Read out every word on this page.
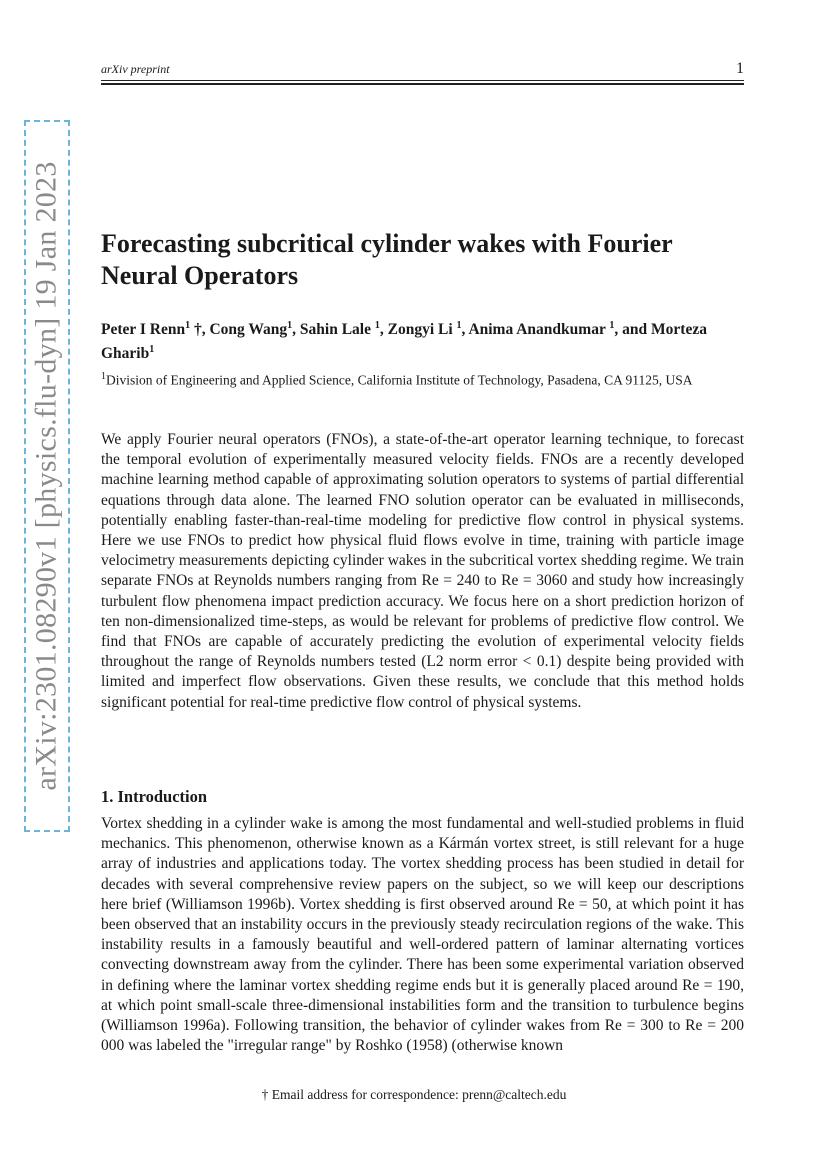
arXiv:2301.08290v1 [physics.flu-dyn] 19 Jan 2023
arXiv preprint	1
Forecasting subcritical cylinder wakes with Fourier Neural Operators
Peter I Renn$^1$ †, Cong Wang$^1$, Sahin Lale $^1$, Zongyi Li $^1$, Anima Anandkumar $^1$, and Morteza Gharib$^1$
$^1$Division of Engineering and Applied Science, California Institute of Technology, Pasadena, CA 91125, USA

We apply Fourier neural operators (FNOs), a state-of-the-art operator learning technique, to forecast the temporal evolution of experimentally measured velocity fields. FNOs are a recently developed machine learning method capable of approximating solution operators to systems of partial differential equations through data alone. The learned FNO solution operator can be evaluated in milliseconds, potentially enabling faster-than-real-time modeling for predictive flow control in physical systems. Here we use FNOs to predict how physical fluid flows evolve in time, training with particle image velocimetry measurements depicting cylinder wakes in the subcritical vortex shedding regime. We train separate FNOs at Reynolds numbers ranging from Re = 240 to Re = 3060 and study how increasingly turbulent flow phenomena impact prediction accuracy. We focus here on a short prediction horizon of ten non-dimensionalized time-steps, as would be relevant for problems of predictive flow control. We find that FNOs are capable of accurately predicting the evolution of experimental velocity fields throughout the range of Reynolds numbers tested (L2 norm error < 0.1) despite being provided with limited and imperfect flow observations. Given these results, we conclude that this method holds significant potential for real-time predictive flow control of physical systems.

1. Introduction

Vortex shedding in a cylinder wake is among the most fundamental and well-studied problems in fluid mechanics. This phenomenon, otherwise known as a Kármán vortex street, is still relevant for a huge array of industries and applications today. The vortex shedding process has been studied in detail for decades with several comprehensive review papers on the subject, so we will keep our descriptions here brief (Williamson 1996b). Vortex shedding is first observed around Re = 50, at which point it has been observed that an instability occurs in the previously steady recirculation regions of the wake. This instability results in a famously beautiful and well-ordered pattern of laminar alternating vortices convecting downstream away from the cylinder. There has been some experimental variation observed in defining where the laminar vortex shedding regime ends but it is generally placed around Re = 190, at which point small-scale three-dimensional instabilities form and the transition to turbulence begins (Williamson 1996a). Following transition, the behavior of cylinder wakes from Re = 300 to Re = 200 000 was labeled the "irregular range" by Roshko (1958) (otherwise known

† Email address for correspondence: prenn@caltech.edu
